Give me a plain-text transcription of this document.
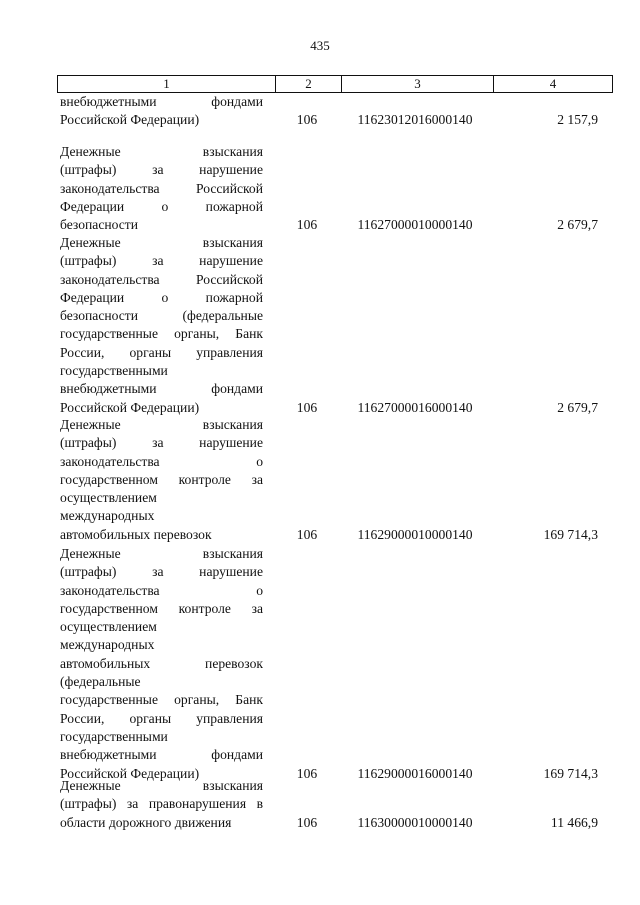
435
1	2	3	4
внебюджетными фондами
Российской Федерации)	106	11623012016000140	2 157,9
Денежные взыскания
(штрафы) за нарушение
законодательства Российской
Федерации о пожарной
безопасности	106	11627000010000140	2 679,7
Денежные взыскания
(штрафы) за нарушение
законодательства Российской
Федерации о пожарной
безопасности (федеральные
государственные органы, Банк
России, органы управления
государственными
внебюджетными фондами
Российской Федерации)	106	11627000016000140	2 679,7
Денежные взыскания
(штрафы) за нарушение
законодательства о
государственном контроле за
осуществлением
международных
автомобильных перевозок	106	11629000010000140	169 714,3
Денежные взыскания
(штрафы) за нарушение
законодательства о
государственном контроле за
осуществлением
международных
автомобильных перевозок
(федеральные
государственные органы, Банк
России, органы управления
государственными
внебюджетными фондами
Российской Федерации)	106	11629000016000140	169 714,3
Денежные взыскания
(штрафы) за правонарушения в
области дорожного движения	106	11630000010000140	11 466,9
